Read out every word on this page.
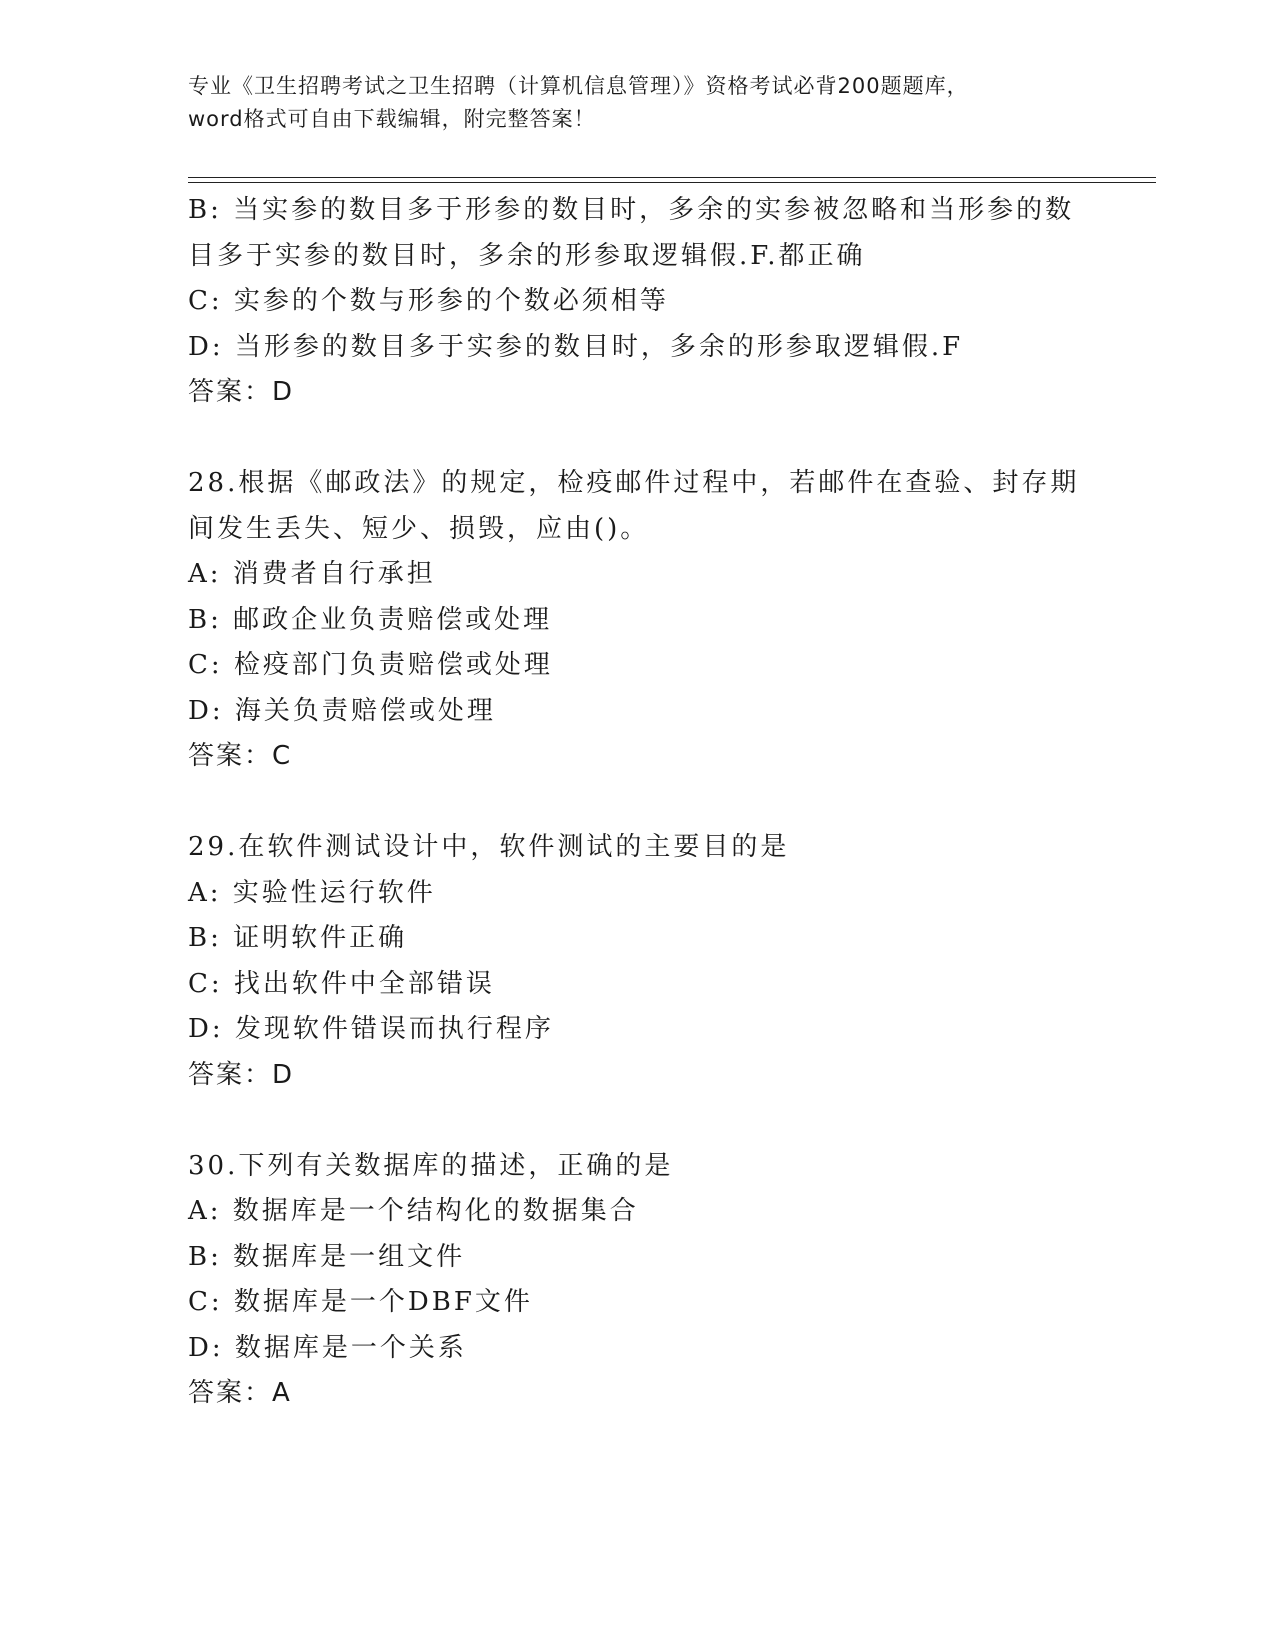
专业《卫生招聘考试之卫生招聘（计算机信息管理）》资格考试必背200题题库，
word格式可自由下载编辑，附完整答案！

B: 当实参的数目多于形参的数目时，多余的实参被忽略和当形参的数

目多于实参的数目时，多余的形参取逻辑假.F.都正确

C: 实参的个数与形参的个数必须相等

D: 当形参的数目多于实参的数目时，多余的形参取逻辑假.F

答案：D

28.根据《邮政法》的规定，检疫邮件过程中，若邮件在查验、封存期

间发生丢失、短少、损毁，应由()。

A: 消费者自行承担

B: 邮政企业负责赔偿或处理

C: 检疫部门负责赔偿或处理

D: 海关负责赔偿或处理

答案：C

29.在软件测试设计中，软件测试的主要目的是

A: 实验性运行软件

B: 证明软件正确

C: 找出软件中全部错误

D: 发现软件错误而执行程序

答案：D

30.下列有关数据库的描述，正确的是

A: 数据库是一个结构化的数据集合

B: 数据库是一组文件

C: 数据库是一个DBF文件

D: 数据库是一个关系

答案：A
